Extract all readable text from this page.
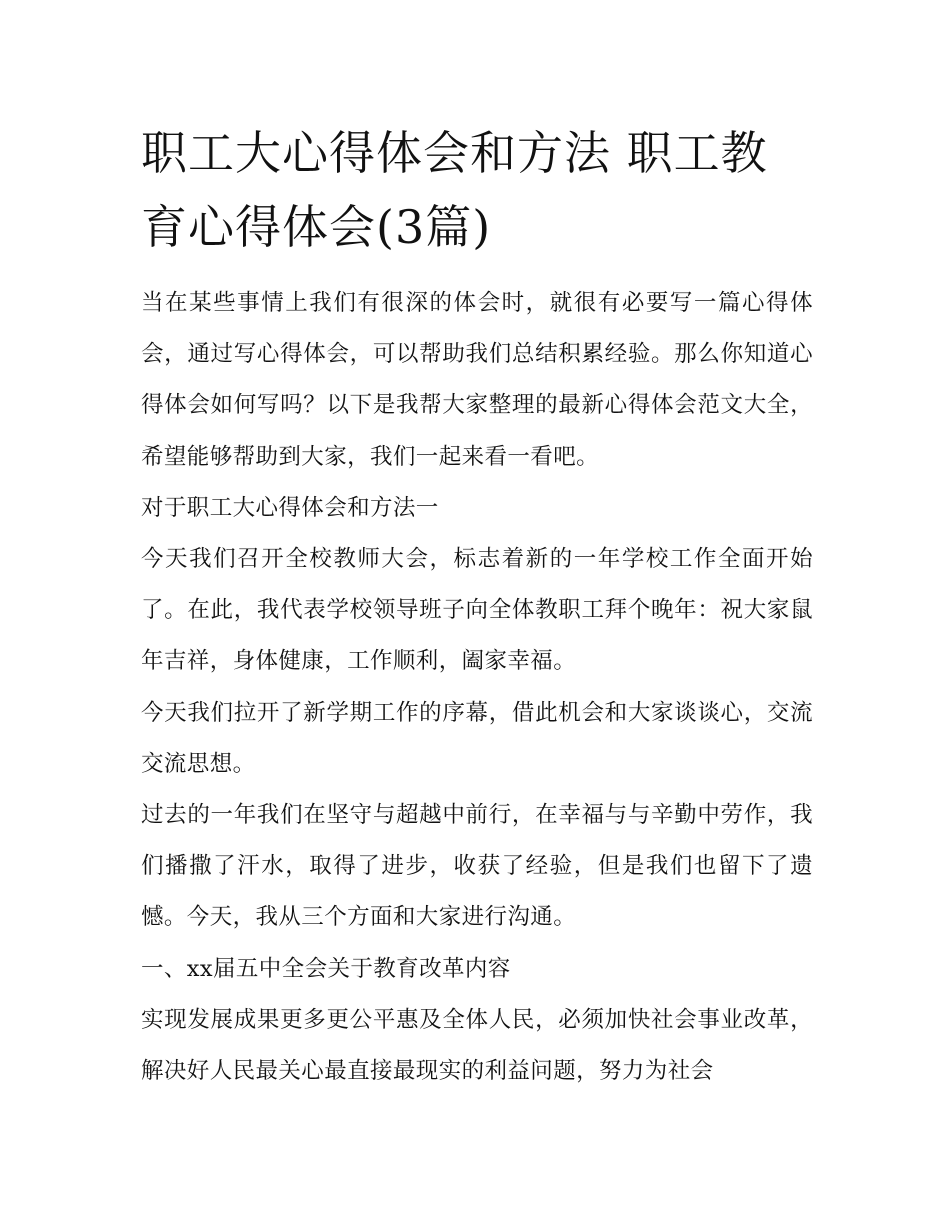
职工大心得体会和方法 职工教育心得体会(3篇)

当在某些事情上我们有很深的体会时，就很有必要写一篇心得体会，通过写心得体会，可以帮助我们总结积累经验。那么你知道心得体会如何写吗？以下是我帮大家整理的最新心得体会范文大全，希望能够帮助到大家，我们一起来看一看吧。

对于职工大心得体会和方法一

今天我们召开全校教师大会，标志着新的一年学校工作全面开始了。在此，我代表学校领导班子向全体教职工拜个晚年：祝大家鼠年吉祥，身体健康，工作顺利，阖家幸福。

今天我们拉开了新学期工作的序幕，借此机会和大家谈谈心，交流交流思想。

过去的一年我们在坚守与超越中前行，在幸福与与辛勤中劳作，我们播撒了汗水，取得了进步，收获了经验，但是我们也留下了遗憾。今天，我从三个方面和大家进行沟通。

一、xx届五中全会关于教育改革内容

实现发展成果更多更公平惠及全体人民，必须加快社会事业改革，解决好人民最关心最直接最现实的利益问题，努力为社会
